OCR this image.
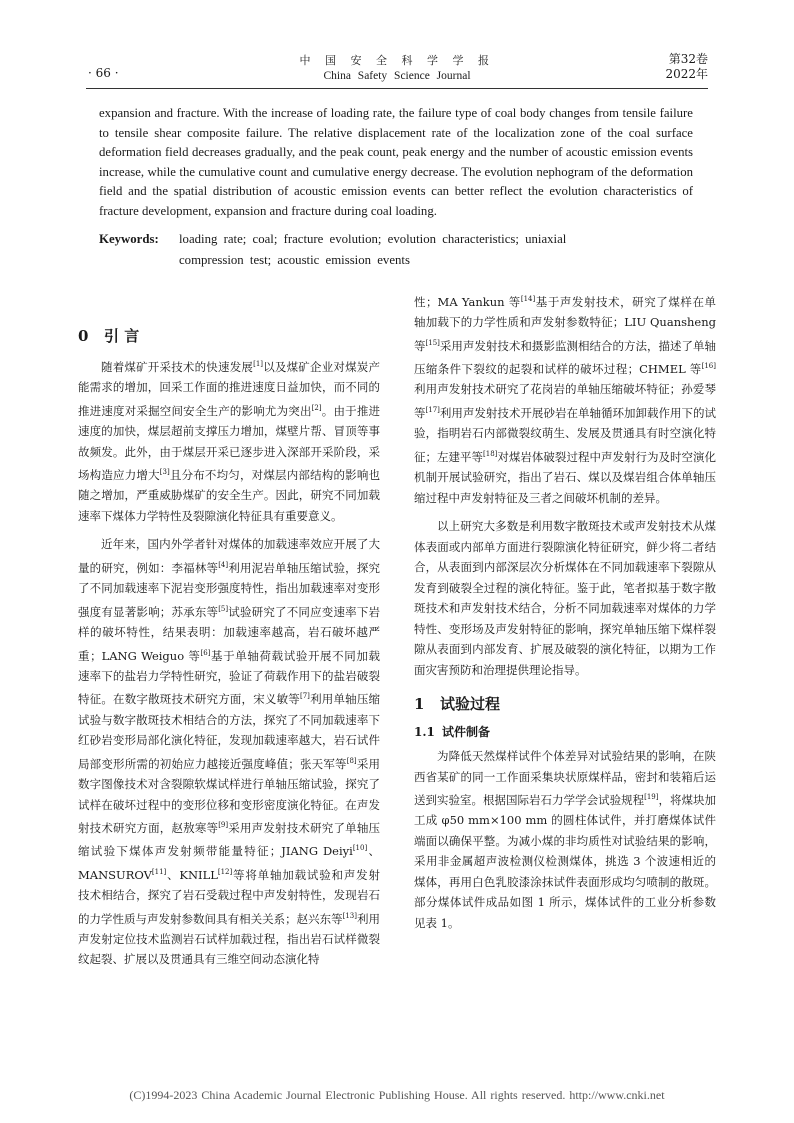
· 66 ·
中 国 安 全 科 学 学 报
China Safety Science Journal
第32卷
2022年
expansion and fracture. With the increase of loading rate, the failure type of coal body changes from tensile failure to tensile shear composite failure. The relative displacement rate of the localization zone of the coal surface deformation field decreases gradually, and the peak count, peak energy and the number of acoustic emission events increase, while the cumulative count and cumulative energy decrease. The evolution nephogram of the deformation field and the spatial distribution of acoustic emission events can better reflect the evolution characteristics of fracture development, expansion and fracture during coal loading.
Keywords: loading rate; coal; fracture evolution; evolution characteristics; uniaxial compression test; acoustic emission events
0 引 言

随着煤矿开采技术的快速发展[1]以及煤矿企业对煤炭产能需求的增加，回采工作面的推进速度日益加快，而不同的推进速度对采掘空间安全生产的影响尤为突出[2]。由于推进速度的加快，煤层超前支撑压力增加，煤壁片帮、冒顶等事故频发。此外，由于煤层开采已逐步进入深部开采阶段，采场构造应力增大[3]且分布不均匀，对煤层内部结构的影响也随之增加，严重威胁煤矿的安全生产。因此，研究不同加载速率下煤体力学特性及裂隙演化特征具有重要意义。

近年来，国内外学者针对煤体的加载速率效应开展了大量的研究，例如：李福林等[4]利用泥岩单轴压缩试验，探究了不同加载速率下泥岩变形强度特性，指出加载速率对变形强度有显著影响；苏承东等[5]试验研究了不同应变速率下岩样的破坏特性，结果表明：加载速率越高，岩石破坏越严重；LANG Weiguo 等[6]基于单轴荷载试验开展不同加载速率下的盐岩力学特性研究，验证了荷载作用下的盐岩破裂特征。在数字散斑技术研究方面，宋义敏等[7]利用单轴压缩试验与数字散斑技术相结合的方法，探究了不同加载速率下红砂岩变形局部化演化特征，发现加载速率越大，岩石试件局部变形所需的初始应力越接近强度峰值；张天军等[8]采用数字图像技术对含裂隙软煤试样进行单轴压缩试验，探究了试样在破坏过程中的变形位移和变形密度演化特征。在声发射技术研究方面，赵敖寒等[9]采用声发射技术研究了单轴压缩试验下煤体声发射频带能量特征；JIANG Deiyi[10]、MANSUROV[11]、KNILL[12]等将单轴加载试验和声发射技术相结合，探究了岩石受载过程中声发射特性，发现岩石的力学性质与声发射参数间具有相关关系；赵兴东等[13]利用声发射定位技术监测岩石试样加载过程，指出岩石试样微裂纹起裂、扩展以及贯通具有三维空间动态演化特

性；MA Yankun 等[14]基于声发射技术，研究了煤样在单轴加载下的力学性质和声发射参数特征；LIU Quansheng 等[15]采用声发射技术和摄影监测相结合的方法，描述了单轴压缩条件下裂纹的起裂和试样的破坏过程；CHMEL 等[16]利用声发射技术研究了花岗岩的单轴压缩破坏特征；孙爱琴等[17]利用声发射技术开展砂岩在单轴循环加卸载作用下的试验，指明岩石内部微裂纹萌生、发展及贯通具有时空演化特征；左建平等[18]对煤岩体破裂过程中声发射行为及时空演化机制开展试验研究，指出了岩石、煤以及煤岩组合体单轴压缩过程中声发射特征及三者之间破坏机制的差异。

以上研究大多数是利用数字散斑技术或声发射技术从煤体表面或内部单方面进行裂隙演化特征研究，鲜少将二者结合，从表面到内部深层次分析煤体在不同加载速率下裂隙从发育到破裂全过程的演化特征。鉴于此，笔者拟基于数字散斑技术和声发射技术结合，分析不同加载速率对煤体的力学特性、变形场及声发射特征的影响，探究单轴压缩下煤样裂隙从表面到内部发育、扩展及破裂的演化特征，以期为工作面灾害预防和治理提供理论指导。

1 试验过程
1.1 试件制备

为降低天然煤样试件个体差异对试验结果的影响，在陕西省某矿的同一工作面采集块状原煤样品，密封和装箱后运送到实验室。根据国际岩石力学学会试验规程[19]，将煤块加工成 φ50 mm×100 mm 的圆柱体试件，并打磨煤体试件端面以确保平整。为减小煤的非均质性对试验结果的影响，采用非金属超声波检测仪检测煤体，挑选 3 个波速相近的煤体，再用白色乳胶漆涂抹试件表面形成均匀喷制的散斑。部分煤体试件成品如图 1 所示，煤体试件的工业分析参数见表 1。

(C)1994-2023 China Academic Journal Electronic Publishing House. All rights reserved. http://www.cnki.net
